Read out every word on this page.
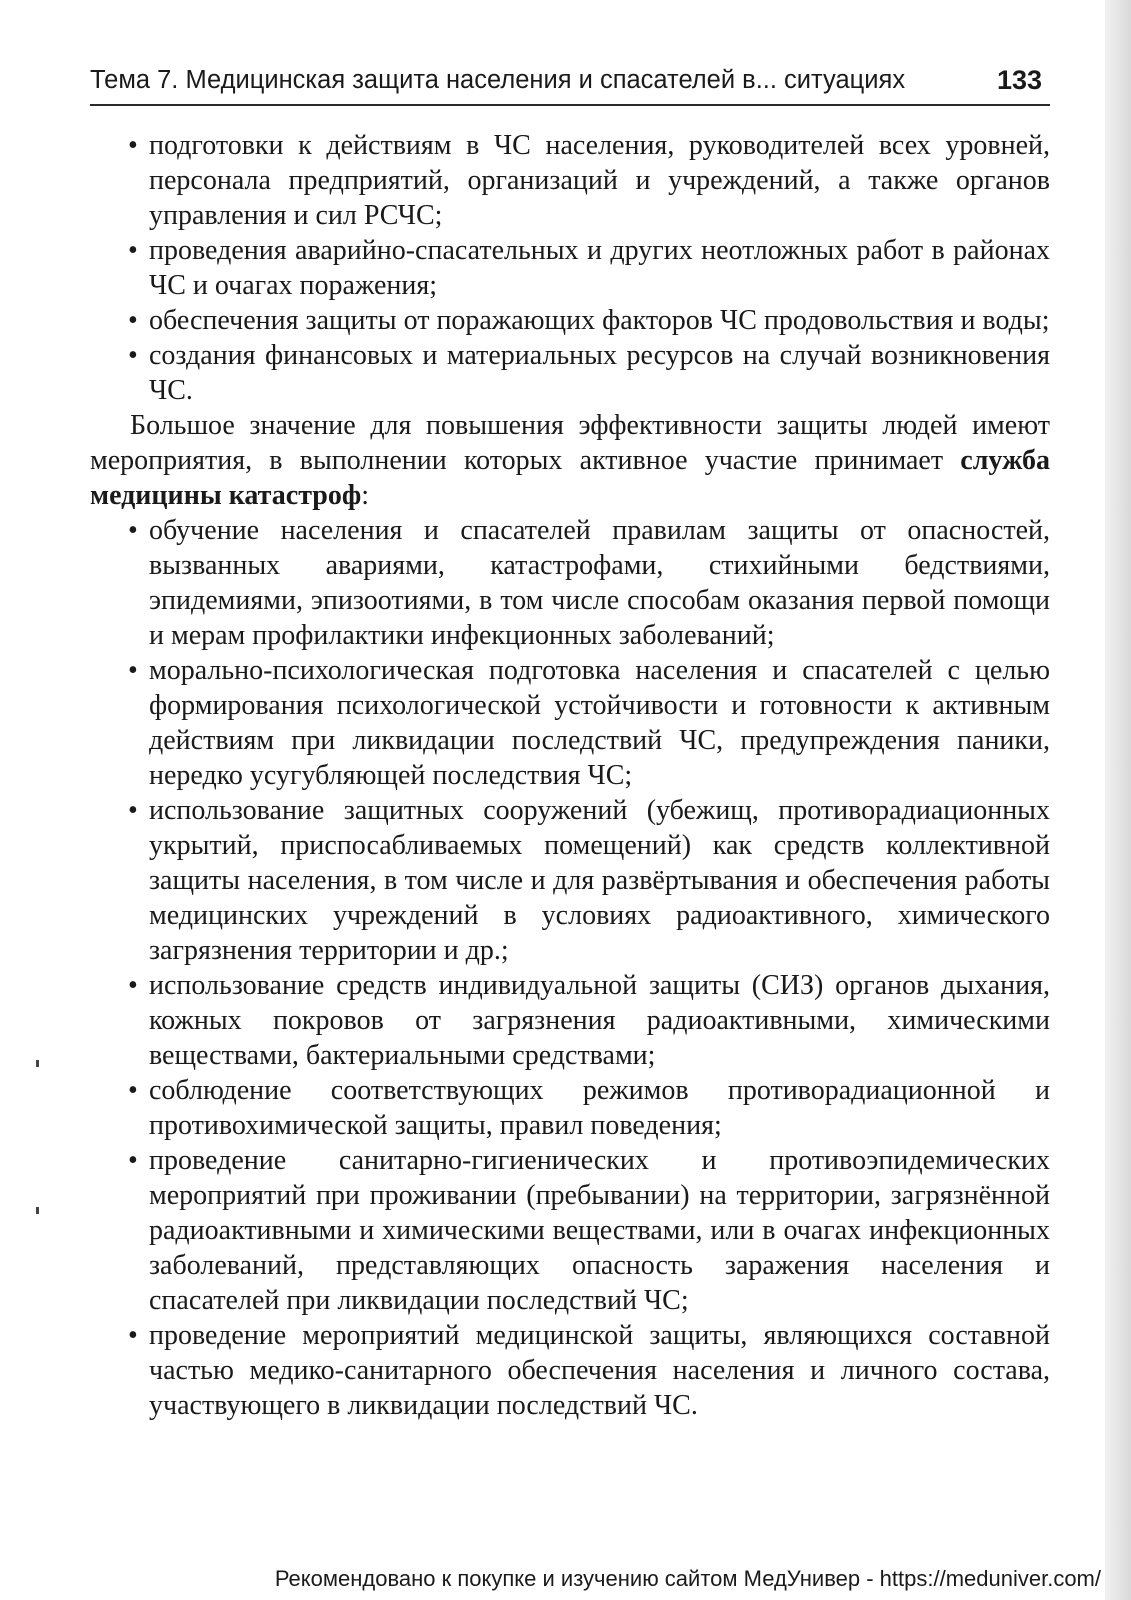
Тема 7. Медицинская защита населения и спасателей в... ситуациях	133
• подготовки к действиям в ЧС населения, руководителей всех уровней, персонала предприятий, организаций и учреждений, а также органов управления и сил РСЧС;
• проведения аварийно-спасательных и других неотложных работ в районах ЧС и очагах поражения;
• обеспечения защиты от поражающих факторов ЧС продовольствия и воды;
• создания финансовых и материальных ресурсов на случай возникновения ЧС.

Большое значение для повышения эффективности защиты людей имеют мероприятия, в выполнении которых активное участие принимает служба медицины катастроф:

• обучение населения и спасателей правилам защиты от опасностей, вызванных авариями, катастрофами, стихийными бедствиями, эпидемиями, эпизоотиями, в том числе способам оказания первой помощи и мерам профилактики инфекционных заболеваний;
• морально-психологическая подготовка населения и спасателей с целью формирования психологической устойчивости и готовности к активным действиям при ликвидации последствий ЧС, предупреждения паники, нередко усугубляющей последствия ЧС;
• использование защитных сооружений (убежищ, противорадиационных укрытий, приспосабливаемых помещений) как средств коллективной защиты населения, в том числе и для развёртывания и обеспечения работы медицинских учреждений в условиях радиоактивного, химического загрязнения территории и др.;
• использование средств индивидуальной защиты (СИЗ) органов дыхания, кожных покровов от загрязнения радиоактивными, химическими веществами, бактериальными средствами;
• соблюдение соответствующих режимов противорадиационной и противохимической защиты, правил поведения;
• проведение санитарно-гигиенических и противоэпидемических мероприятий при проживании (пребывании) на территории, загрязнённой радиоактивными и химическими веществами, или в очагах инфекционных заболеваний, представляющих опасность заражения населения и спасателей при ликвидации последствий ЧС;
• проведение мероприятий медицинской защиты, являющихся составной частью медико-санитарного обеспечения населения и личного состава, участвующего в ликвидации последствий ЧС.
Рекомендовано к покупке и изучению сайтом МедУнивер - https://meduniver.com/
